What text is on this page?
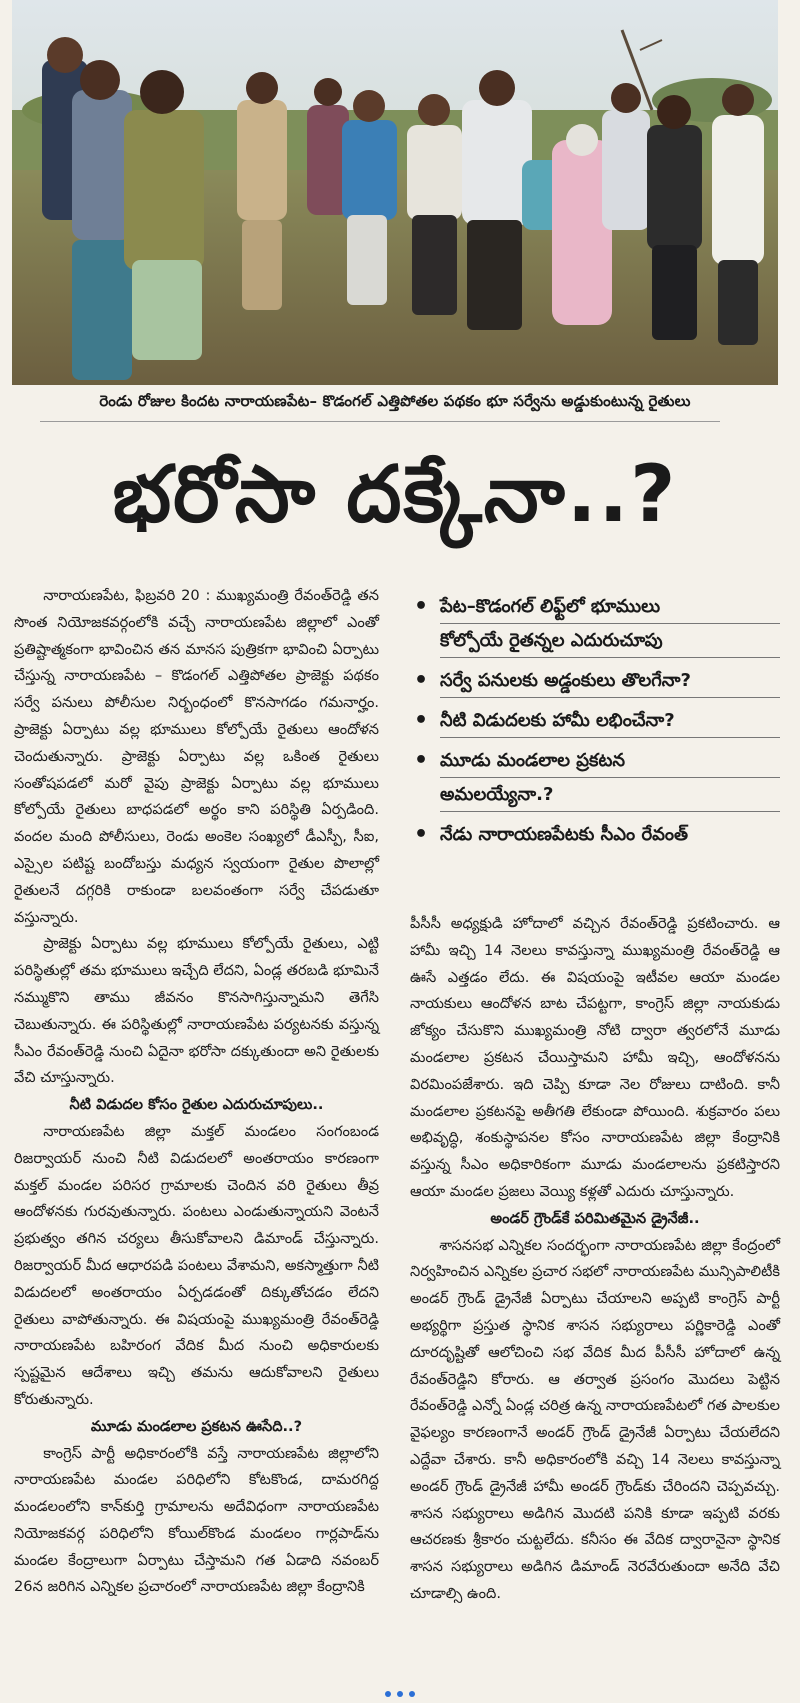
రెండు రోజుల కిందట నారాయణపేట– కొడంగల్ ఎత్తిపోతల పథకం భూ సర్వేను అడ్డుకుంటున్న రైతులు
భరోసా దక్కేనా..?
• పేట–కొడంగల్ లిఫ్ట్‌లో భూములు
కోల్పోయే రైతన్నల ఎదురుచూపు
• సర్వే పనులకు అడ్డంకులు తొలగేనా?
• నీటి విడుదలకు హామీ లభించేనా?
• మూడు మండలాల ప్రకటన
అమలయ్యేనా.?
• నేడు నారాయణపేటకు సీఎం రేవంత్

నారాయణపేట, ఫిబ్రవరి 20 : ముఖ్యమంత్రి రేవంత్‌రెడ్డి తన సొంత నియోజకవర్గంలోకి వచ్చే నారాయణపేట జిల్లాలో ఎంతో ప్రతిష్టాత్మకంగా భావించిన తన మానస పుత్రికగా భావించి ఏర్పాటు చేస్తున్న నారాయణపేట – కొడంగల్ ఎత్తిపోతల ప్రాజెక్టు పథకం సర్వే పనులు పోలీసుల నిర్బంధంలో కొనసాగడం గమనార్హం. ప్రాజెక్టు ఏర్పాటు వల్ల భూములు కోల్పోయే రైతులు ఆందోళన చెందుతున్నారు. ప్రాజెక్టు ఏర్పాటు వల్ల ఒకింత రైతులు సంతోషపడలో మరో వైపు ప్రాజెక్టు ఏర్పాటు వల్ల భూములు కోల్పోయే రైతులు బాధపడలో అర్థం కాని పరిస్థితి ఏర్పడింది. వందల మంది పోలీసులు, రెండు అంకెల సంఖ్యలో డీఎస్పీ, సీఐ, ఎస్సైల పటిష్ట బందోబస్తు మధ్యన స్వయంగా రైతుల పొలాల్లో రైతులనే దగ్గరికి రాకుండా బలవంతంగా సర్వే చేపడుతూ వస్తున్నారు.

ప్రాజెక్టు ఏర్పాటు వల్ల భూములు కోల్పోయే రైతులు, ఎట్టి పరిస్థితుల్లో తమ భూములు ఇచ్చేది లేదని, ఏండ్ల తరబడి భూమినే నమ్ముకొని తాము జీవనం కొనసాగిస్తున్నామని తెగేసి చెబుతున్నారు. ఈ పరిస్థితుల్లో నారాయణపేట పర్యటనకు వస్తున్న సీఎం రేవంత్‌రెడ్డి నుంచి ఏదైనా భరోసా దక్కుతుందా అని రైతులకు వేచి చూస్తున్నారు.

నీటి విడుదల కోసం రైతుల ఎదురుచూపులు..

నారాయణపేట జిల్లా మక్తల్ మండలం సంగంబండ రిజర్వాయర్ నుంచి నీటి విడుదలలో అంతరాయం కారణంగా మక్తల్ మండల పరిసర గ్రామాలకు చెందిన వరి రైతులు తీవ్ర ఆందోళనకు గురవుతున్నారు. పంటలు ఎండుతున్నాయని వెంటనే ప్రభుత్వం తగిన చర్యలు తీసుకోవాలని డిమాండ్ చేస్తున్నారు. రిజర్వాయర్ మీద ఆధారపడి పంటలు వేశామని, అకస్మాత్తుగా నీటి విడుదలలో అంతరాయం ఏర్పడడంతో దిక్కుతోచడం లేదని రైతులు వాపోతున్నారు. ఈ విషయంపై ముఖ్యమంత్రి రేవంత్‌రెడ్డి నారాయణపేట బహిరంగ వేదిక మీద నుంచి అధికారులకు స్పష్టమైన ఆదేశాలు ఇచ్చి తమను ఆదుకోవాలని రైతులు కోరుతున్నారు.

మూడు మండలాల ప్రకటన ఊసేది..?

కాంగ్రెస్ పార్టీ అధికారంలోకి వస్తే నారాయణపేట జిల్లాలోని నారాయణపేట మండల పరిధిలోని కోటకొండ, దామరగిద్ద మండలంలోని కాన్‌కుర్తి గ్రామాలను అదేవిధంగా నారాయణపేట నియోజకవర్గ పరిధిలోని కోయిల్‌కొండ మండలం గార్లపాడ్‌ను మండల కేంద్రాలుగా ఏర్పాటు చేస్తామని గత ఏడాది నవంబర్ 26న జరిగిన ఎన్నికల ప్రచారంలో నారాయణపేట జిల్లా కేంద్రానికి

పీసీసీ అధ్యక్షుడి హోదాలో వచ్చిన రేవంత్‌రెడ్డి ప్రకటించారు. ఆ హామీ ఇచ్చి 14 నెలలు కావస్తున్నా ముఖ్యమంత్రి రేవంత్‌రెడ్డి ఆ ఊసే ఎత్తడం లేదు. ఈ విషయంపై ఇటీవల ఆయా మండల నాయకులు ఆందోళన బాట చేపట్టగా, కాంగ్రెస్ జిల్లా నాయకుడు జోక్యం చేసుకొని ముఖ్యమంత్రి నోటి ద్వారా త్వరలోనే మూడు మండలాల ప్రకటన చేయిస్తామని హామీ ఇచ్చి, ఆందోళనను విరమింపజేశారు. ఇది చెప్పి కూడా నెల రోజులు దాటింది. కానీ మండలాల ప్రకటనపై అతీగతి లేకుండా పోయింది. శుక్రవారం పలు అభివృద్ధి, శంకుస్థాపనల కోసం నారాయణపేట జిల్లా కేంద్రానికి వస్తున్న సీఎం అధికారికంగా మూడు మండలాలను ప్రకటిస్తారని ఆయా మండల ప్రజలు వెయ్యి కళ్లతో ఎదురు చూస్తున్నారు.

అండర్ గ్రౌండ్‌కే పరిమితమైన డ్రైనేజీ..

శాసనసభ ఎన్నికల సందర్భంగా నారాయణపేట జిల్లా కేంద్రంలో నిర్వహించిన ఎన్నికల ప్రచార సభలో నారాయణపేట మున్సిపాలిటీకి అండర్ గ్రౌండ్ డ్రైనేజీ ఏర్పాటు చేయాలని అప్పటి కాంగ్రెస్ పార్టీ అభ్యర్థిగా ప్రస్తుత స్థానిక శాసన సభ్యురాలు పర్ణికారెడ్డి ఎంతో దూరదృష్టితో ఆలోచించి సభ వేదిక మీద పీసీసీ హోదాలో ఉన్న రేవంత్‌రెడ్డిని కోరారు. ఆ తర్వాత ప్రసంగం మొదలు పెట్టిన రేవంత్‌రెడ్డి ఎన్నో ఏండ్ల చరిత్ర ఉన్న నారాయణపేటలో గత పాలకుల వైఫల్యం కారణంగానే అండర్ గ్రౌండ్ డ్రైనేజీ ఏర్పాటు చేయలేదని ఎద్దేవా చేశారు. కానీ అధికారంలోకి వచ్చి 14 నెలలు కావస్తున్నా అండర్ గ్రౌండ్ డ్రైనేజీ హామీ అండర్ గ్రౌండ్‌కు చేరిందని చెప్పవచ్చు. శాసన సభ్యురాలు అడిగిన మొదటి పనికి కూడా ఇప్పటి వరకు ఆచరణకు శ్రీకారం చుట్టలేదు. కనీసం ఈ వేదిక ద్వారానైనా స్థానిక శాసన సభ్యురాలు అడిగిన డిమాండ్ నెరవేరుతుందా అనేది వేచి చూడాల్సి ఉంది.
